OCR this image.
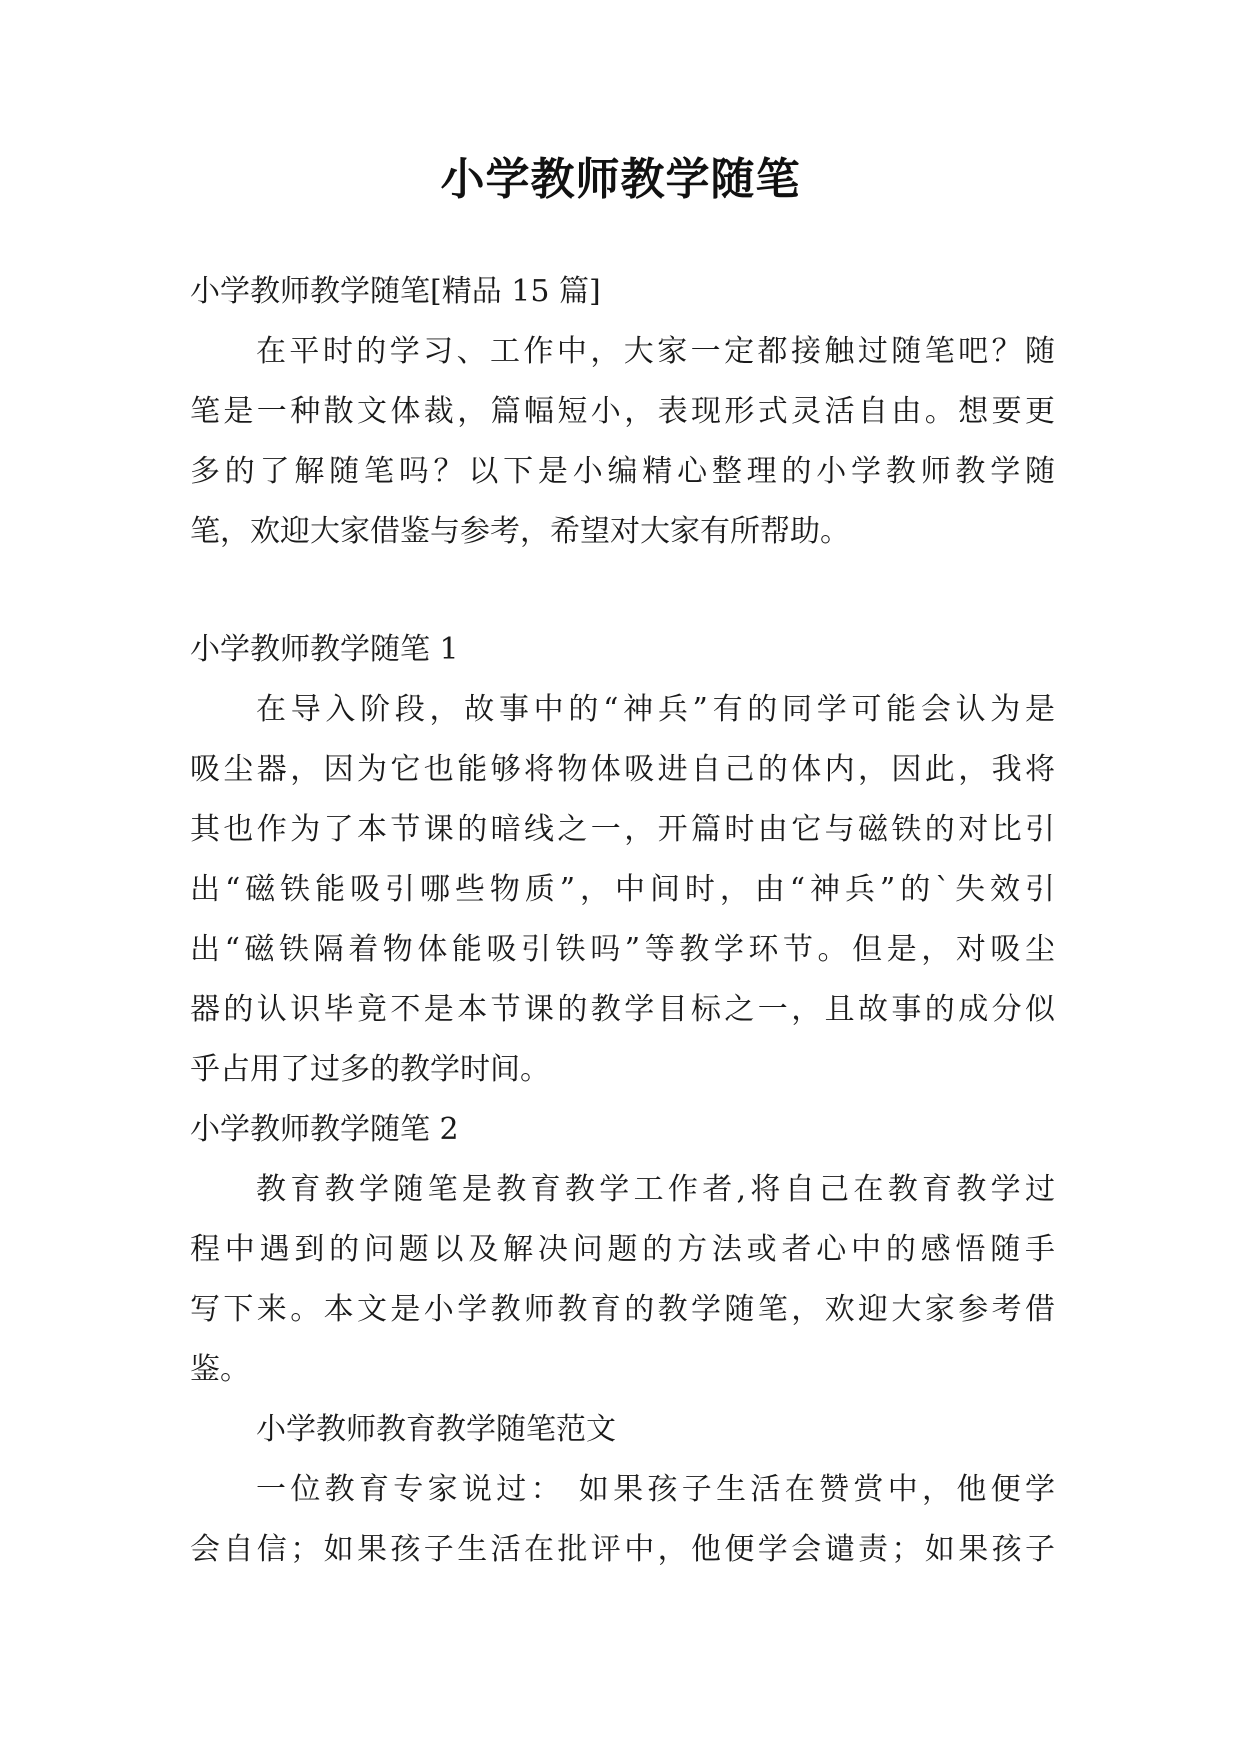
小学教师教学随笔
小学教师教学随笔[精品 15 篇]
在平时的学习、工作中，大家一定都接触过随笔吧？随
笔是一种散文体裁，篇幅短小，表现形式灵活自由。想要更
多的了解随笔吗？以下是小编精心整理的小学教师教学随
笔，欢迎大家借鉴与参考，希望对大家有所帮助。
小学教师教学随笔 1
在导入阶段，故事中的“神兵”有的同学可能会认为是
吸尘器，因为它也能够将物体吸进自己的体内，因此，我将
其也作为了本节课的暗线之一，开篇时由它与磁铁的对比引
出“磁铁能吸引哪些物质”，中间时，由“神兵”的`失效引
出“磁铁隔着物体能吸引铁吗”等教学环节。但是，对吸尘
器的认识毕竟不是本节课的教学目标之一，且故事的成分似
乎占用了过多的教学时间。
小学教师教学随笔 2
教育教学随笔是教育教学工作者,将自己在教育教学过
程中遇到的问题以及解决问题的方法或者心中的感悟随手
写下来。本文是小学教师教育的教学随笔，欢迎大家参考借
鉴。
小学教师教育教学随笔范文
一位教育专家说过： 如果孩子生活在赞赏中，他便学
会自信；如果孩子生活在批评中，他便学会谴责；如果孩子
